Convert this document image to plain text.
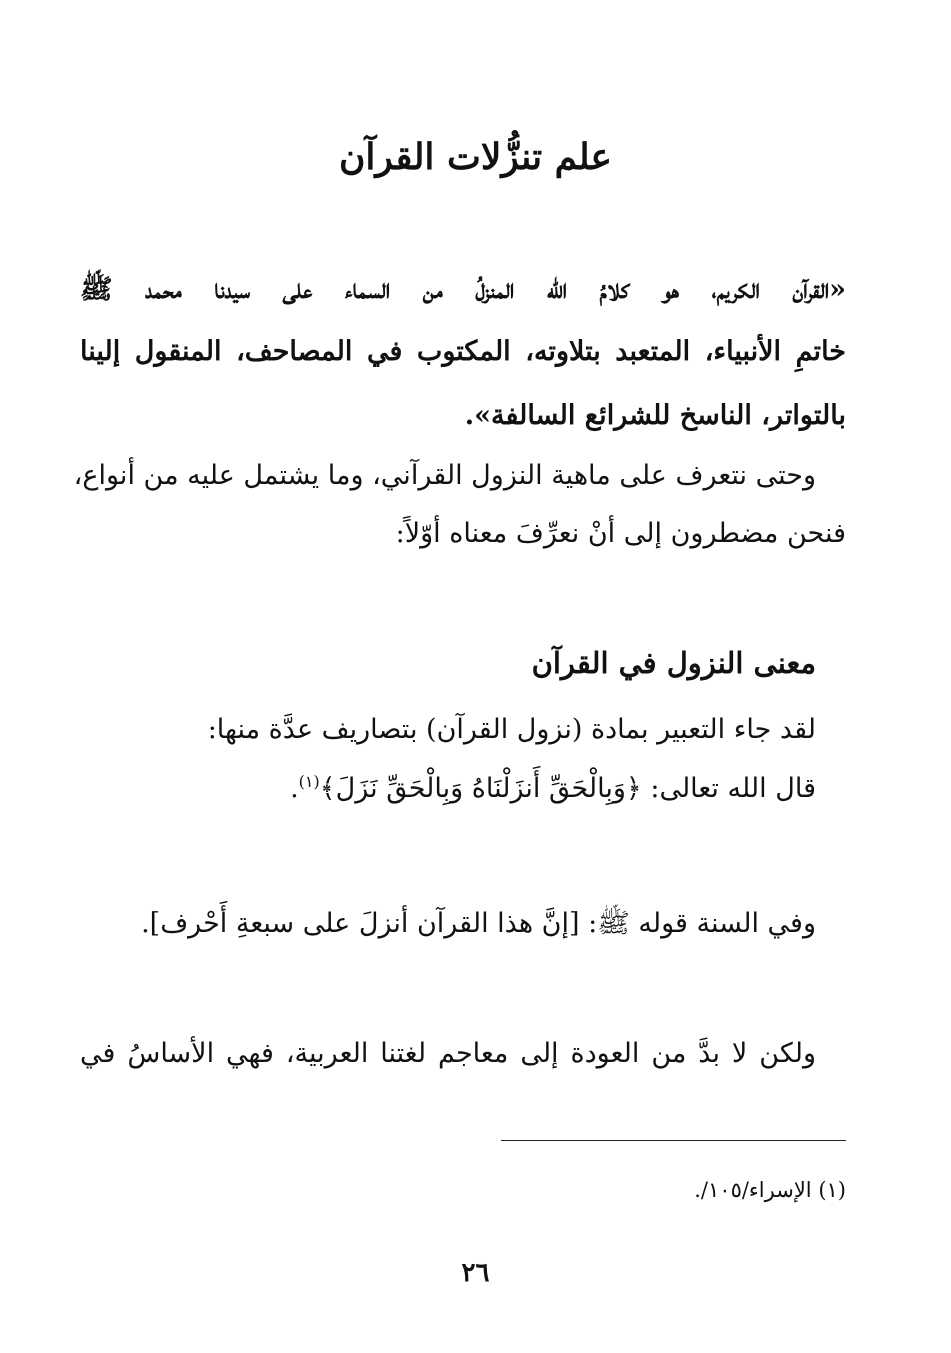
علم تنزُّلات القرآن

«القرآن الكريم، هو كلامُ الله المنزلُ من السماء على سيدنا محمد ﷺ

خاتمِ الأنبياء، المتعبد بتلاوته، المكتوب في المصاحف، المنقول إلينا

بالتواتر، الناسخ للشرائع السالفة».

وحتى نتعرف على ماهية النزول القرآني، وما يشتمل عليه من أنواع،

فنحن مضطرون إلى أنْ نعرِّفَ معناه أوّلاً:

معنى النزول في القرآن

لقد جاء التعبير بمادة (نزول القرآن) بتصاريف عدَّة منها:

قال الله تعالى: ﴿وَبِالْحَقِّ أَنزَلْنَاهُ وَبِالْحَقِّ نَزَلَ﴾$^{(١)}$.

وفي السنة قوله ﷺ: [إنَّ هذا القرآن أنزلَ على سبعةِ أَحْرف].

ولكن لا بدَّ من العودة إلى معاجم لغتنا العربية، فهي الأساسُ في

(١) الإسراء/١٠٥/.

٢٦
